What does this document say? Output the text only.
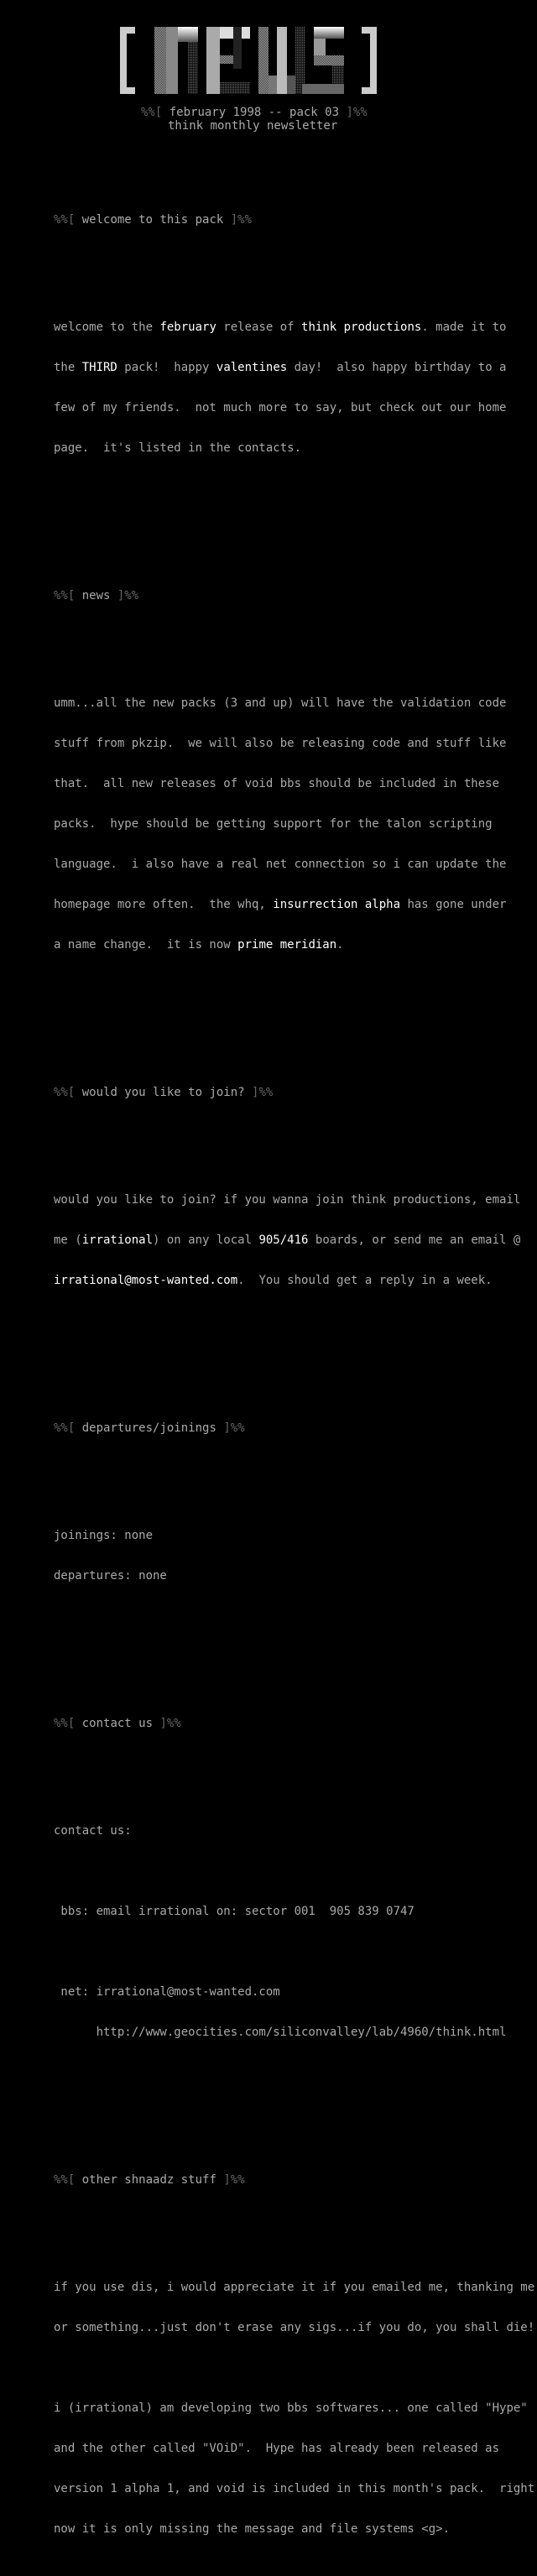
%%[ february 1998 -- pack 03 ]%%
think monthly newsletter

%%[ welcome to this pack ]%%

welcome to the february release of think productions. made it to

the THIRD pack!  happy valentines day!  also happy birthday to a

few of my friends.  not much more to say, but check out our home

page.  it's listed in the contacts.

%%[ news ]%%

umm...all the new packs (3 and up) will have the validation code

stuff from pkzip.  we will also be releasing code and stuff like

that.  all new releases of void bbs should be included in these

packs.  hype should be getting support for the talon scripting

language.  i also have a real net connection so i can update the

homepage more often.  the whq, insurrection alpha has gone under

a name change.  it is now prime meridian.

%%[ would you like to join? ]%%

would you like to join? if you wanna join think productions, email

me (irrational) on any local 905/416 boards, or send me an email @

irrational@most-wanted.com.  You should get a reply in a week.

%%[ departures/joinings ]%%

joinings: none

departures: none

%%[ contact us ]%%

contact us:

bbs: email irrational on: sector 001  905 839 0747

net: irrational@most-wanted.com

http://www.geocities.com/siliconvalley/lab/4960/think.html

%%[ other shnaadz stuff ]%%

if you use dis, i would appreciate it if you emailed me, thanking me

or something...just don't erase any sigs...if you do, you shall die!

i (irrational) am developing two bbs softwares... one called "Hype"

and the other called "VOiD".  Hype has already been released as

version 1 alpha 1, and void is included in this month's pack.  right

now it is only missing the message and file systems <g>.
